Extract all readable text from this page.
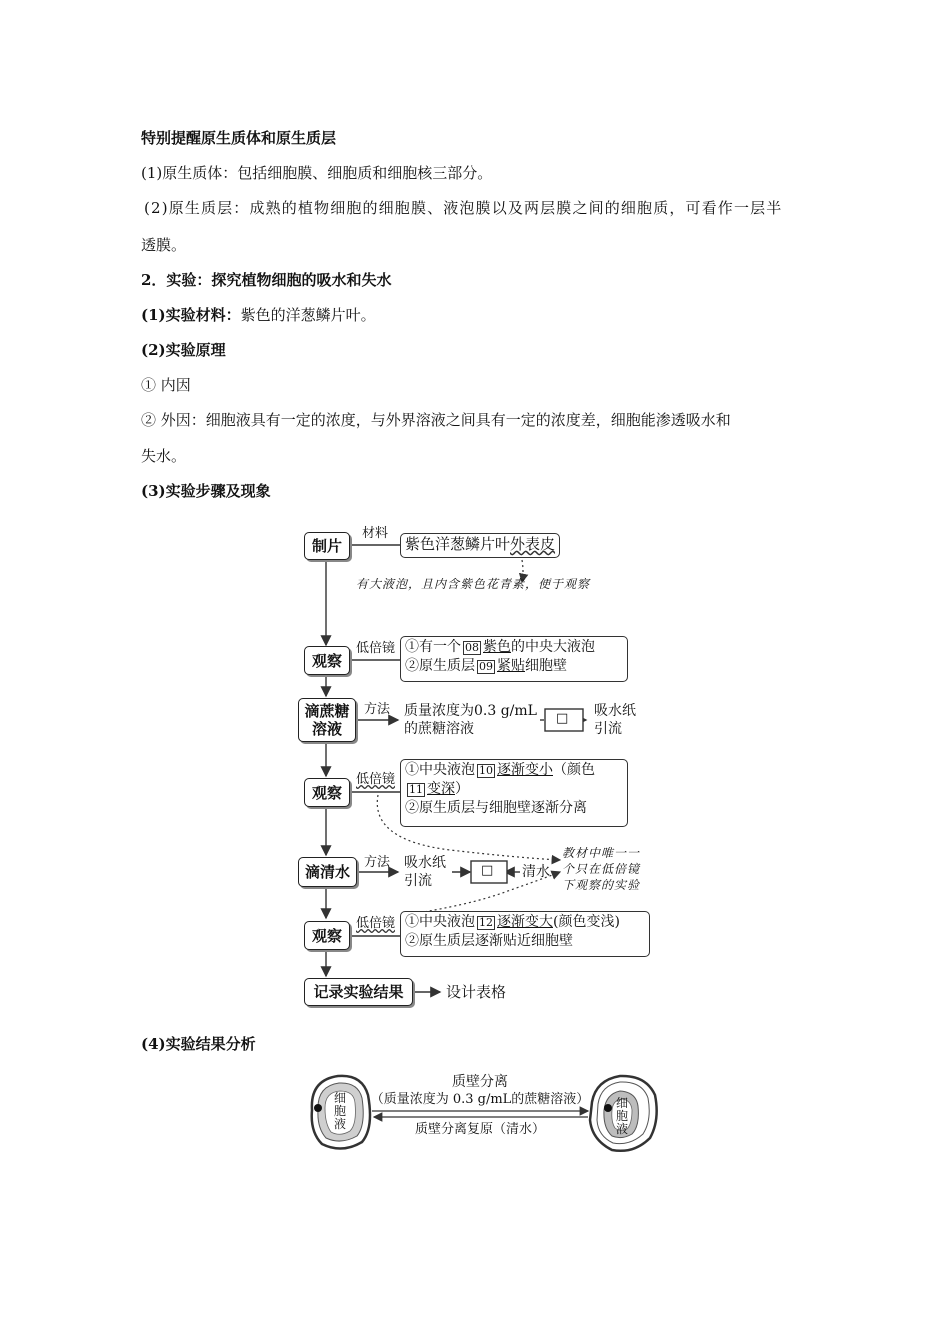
特别提醒原生质体和原生质层
(1)原生质体：包括细胞膜、细胞质和细胞核三部分。
(2)原生质层：成熟的植物细胞的细胞膜、液泡膜以及两层膜之间的细胞质，可看作一层半
透膜。
2．实验：探究植物细胞的吸水和失水
(1)实验材料：紫色的洋葱鳞片叶。
(2)实验原理
① 内因
② 外因：细胞液具有一定的浓度，与外界溶液之间具有一定的浓度差，细胞能渗透吸水和
失水。
(3)实验步骤及现象
(4)实验结果分析
制片
材料
紫色洋葱鳞片叶外表皮
有大液泡，且内含紫色花青素，便于观察
观察
低倍镜 ①有一个 08 紫色的中央大液泡
②原生质层 09 紧贴细胞壁
滴蔗糖
溶液
方法 质量浓度为0.3 g/mL
的蔗糖溶液
□ 吸水纸
引流
观察
低倍镜
①中央液泡 10 逐渐变小（颜色
11 变深）
②原生质层与细胞壁逐渐分离
教材中唯一一
个只在低倍镜
下观察的实验
滴清水
方法 吸水纸
引流
□ 清水
观察
低倍镜 ①中央液泡 12 逐渐变大(颜色变浅)
②原生质层逐渐贴近细胞壁
记录实验结果	设计表格
细胞液
细胞液
质壁分离
（质量浓度为 0.3 g/mL的蔗糖溶液）
质壁分离复原（清水）
